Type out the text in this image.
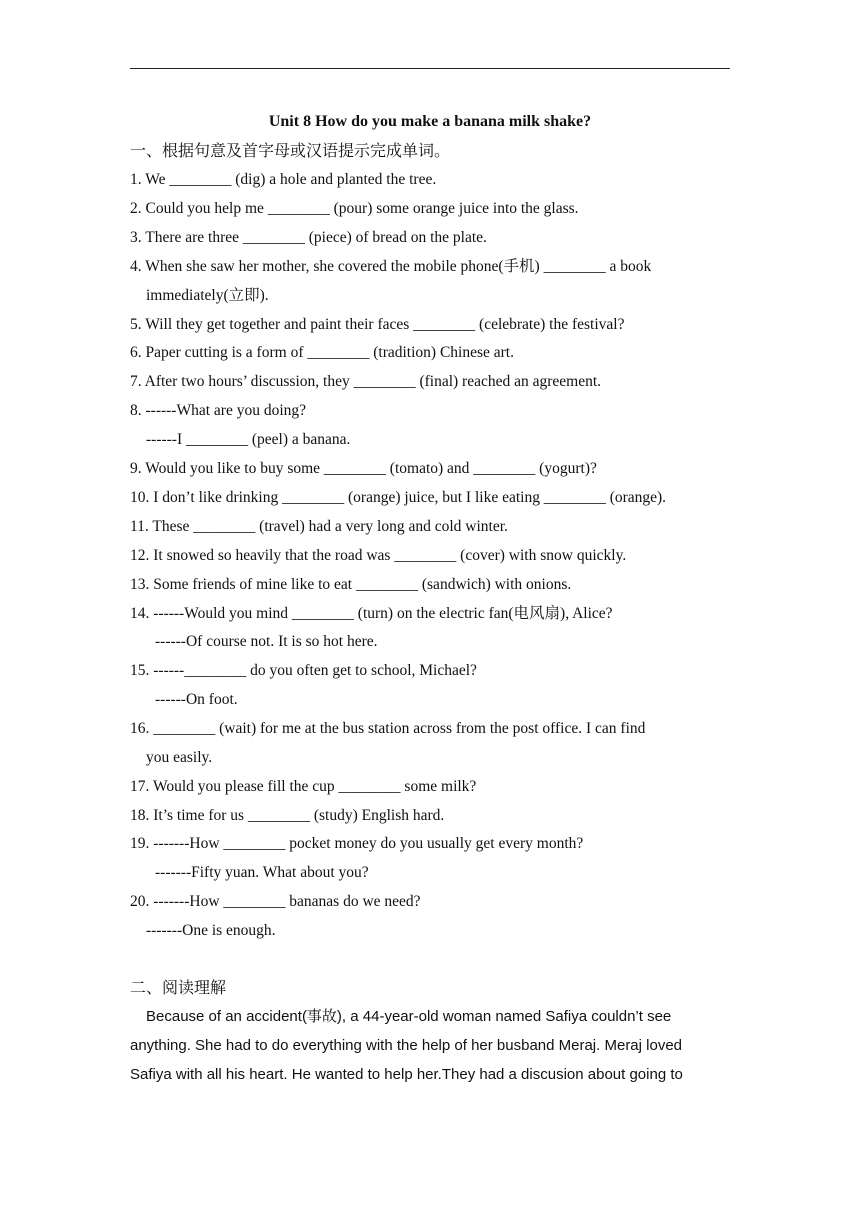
Unit 8 How do you make a banana milk shake?
一、根据句意及首字母或汉语提示完成单词。
1. We ________ (dig) a hole and planted the tree.
2. Could you help me ________ (pour) some orange juice into the glass.
3. There are three ________ (piece) of bread on the plate.
4. When she saw her mother, she covered the mobile phone(手机) ________ a book
immediately(立即).
5. Will they get together and paint their faces ________ (celebrate) the festival?
6. Paper cutting is a form of ________ (tradition) Chinese art.
7. After two hours’ discussion, they ________ (final) reached an agreement.
8. ------What are you doing?
------I ________ (peel) a banana.
9. Would you like to buy some ________ (tomato) and ________ (yogurt)?
10. I don’t like drinking ________ (orange) juice, but I like eating ________ (orange).
11. These ________ (travel) had a very long and cold winter.
12. It snowed so heavily that the road was ________ (cover) with snow quickly.
13. Some friends of mine like to eat ________ (sandwich) with onions.
14. ------Would you mind ________ (turn) on the electric fan(电风扇), Alice?
------Of course not. It is so hot here.
15. ------________ do you often get to school, Michael?
------On foot.
16. ________ (wait) for me at the bus station across from the post office. I can find
you easily.
17. Would you please fill the cup ________ some milk?
18. It’s time for us ________ (study) English hard.
19. -------How ________ pocket money do you usually get every month?
-------Fifty yuan. What about you?
20. -------How ________ bananas do we need?
-------One is enough.
二、阅读理解
Because of an accident(事故), a 44-year-old woman named Safiya couldn’t see
anything. She had to do everything with the help of her busband Meraj. Meraj loved
Safiya with all his heart. He wanted to help her.They had a discusion about going to
